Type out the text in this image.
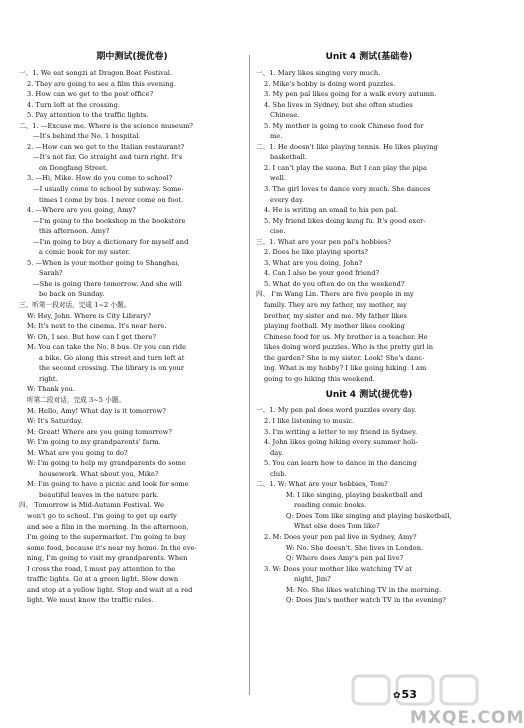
期中测试(提优卷)
一、1. We eat songzi at Dragon Boat Festival.
2. They are going to see a film this evening.
3. How can we get to the post office?
4. Turn left at the crossing.
5. Pay attention to the traffic lights.
二、1. —Excuse me. Where is the science museum?
—It's behind the No. 1 hospital.
2. —How can we get to the Italian restaurant?
—It's not far. Go straight and turn right. It's
on Dongfang Street.
3. —Hi, Mike. How do you come to school?
—I usually come to school by subway. Some-
times I come by bus. I never come on foot.
4. —Where are you going, Amy?
—I'm going to the bookshop in the bookstore
this afternoon. Amy?
—I'm going to buy a dictionary for myself and
a comic book for my sister.
5. —When is your mother going to Shanghai,
Sarah?
—She is going there tomorrow. And she will
be back on Sunday.
三、听第一段对话，完成 1~2 小题。
W: Hey, John. Where is City Library?
M: It's next to the cinema. It's near here.
W: Oh, I see. But how can I get there?
M: You can take the No. 8 bus. Or you can ride
a bike. Go along this street and turn left at
the second crossing. The library is on your
right.
W: Thank you.
听第二段对话，完成 3~5 小题。
M: Hello, Amy! What day is it tomorrow?
W: It's Saturday.
M: Great! Where are you going tomorrow?
W: I'm going to my grandparents' farm.
M: What are you going to do?
W: I'm going to help my grandparents do some
housework. What about you, Mike?
M: I'm going to have a picnic and look for some
beautiful leaves in the nature park.
四、 Tomorrow is Mid-Autumn Festival. We
won't go to school. I'm going to get up early
and see a film in the morning. In the afternoon,
I'm going to the supermarket. I'm going to buy
some food, because it's near my home. In the eve-
ning, I'm going to visit my grandparents. When
I cross the road, I must pay attention to the
traffic lights. Go at a green light. Slow down
and stop at a yellow light. Stop and wait at a red
light. We must know the traffic rules.
Unit 4 测试(基础卷)
一、1. Mary likes singing very much.
2. Mike's hobby is doing word puzzles.
3. My pen pal likes going for a walk every autumn.
4. She lives in Sydney, but she often studies
Chinese.
5. My mother is going to cook Chinese food for
me.
二、1. He doesn't like playing tennis. He likes playing
basketball.
2. I can't play the suona. But I can play the pipa
well.
3. The girl loves to dance very much. She dances
every day.
4. He is writing an email to his pen pal.
5. My friend likes doing kung fu. It's good exer-
cise.
三、1. What are your pen pal's hobbies?
2. Does he like playing sports?
3. What are you doing, John?
4. Can I also be your good friend?
5. What do you often do on the weekend?
四、 I'm Wang Lin. There are five people in my
family. They are my father, my mother, my
brother, my sister and me. My father likes
playing football. My mother likes cooking
Chinese food for us. My brother is a teacher. He
likes doing word puzzles. Who is the pretty girl in
the garden? She is my sister. Look! She's danc-
ing. What is my hobby? I like going hiking. I am
going to go hiking this weekend.
Unit 4 测试(提优卷)
一、1. My pen pal does word puzzles every day.
2. I like listening to music.
3. I'm writing a letter to my friend in Sydney.
4. John likes going hiking every summer holi-
day.
5. You can learn how to dance in the dancing
club.
二、1. W: What are your hobbies, Tom?
M: I like singing, playing basketball and
reading comic books.
Q: Does Tom like singing and playing basketball,
What else does Tom like?
2. M: Does your pen pal live in Sydney, Amy?
W: No. She doesn't. She lives in London.
Q: Where does Amy's pen pal live?
3. W: Does your mother like watching TV at
night, Jim?
M: No. She likes watching TV in the morning.
Q: Does Jim's mother watch TV in the evening?
MXQE.COM
✿53
